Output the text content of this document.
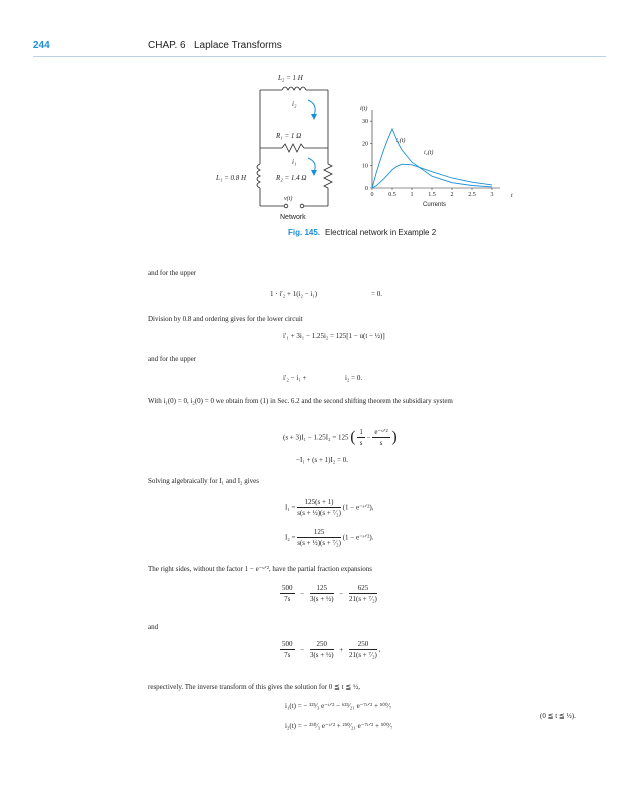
244	CHAP. 6 Laplace Transforms
L₂ = 1 H
i₂
R₁ = 1 Ω
i₁
L₁ = 0.8 H	R₂ = 1.4 Ω
v(t)
Network
i(t)
t
Currents
i₁(t)
i₂(t)
0 0.5 1 1.5 2 2.5 3
0
10
20
30
Fig. 145. Electrical network in Example 2
and for the upper
1 · i′₂ + 1(i₂ − i₁)	= 0.
Division by 0.8 and ordering gives for the lower circuit
i′₁ + 3i₁ − 1.25i₂ = 125[1 − u(t − ½)]
and for the upper
i′₂ − i₁ +	i₂ = 0.
With i₁(0) = 0, i₂(0) = 0 we obtain from (1) in Sec. 6.2 and the second shifting theorem the subsidiary system
(s + 3)I₁ − 1.25I₂ = 125 ( $\frac{1}{s} - \frac{\text{e⁻ˢᐟ²}}{s}$ )
−I₁ + (s + 1)I₂ = 0.
Solving algebraically for I₁ and I₂ gives
$I_1 = \frac{125(s + 1)}{\text{s(s + ½)(s + ⁷⁄₂)}} (1$ − e⁻ˢᐟ²),
$I_2 = \frac{125}{\text{s(s + ½)(s + ⁷⁄₂)}} (1$ − e⁻ˢᐟ²).
The right sides, without the factor 1 − e⁻ˢᐟ², have the partial fraction expansions
$\frac{500}{7s} - \frac{125}{\text{3(s + ½)}} - \frac{625}{\text{21(s + ⁷⁄₂)}}$
and
$\frac{500}{7s} - \frac{250}{\text{3(s + ½)}} + \frac{250}{\text{21(s + ⁷⁄₂)}}$ ,
respectively. The inverse transform of this gives the solution for 0 ≦ t ≦ ½,
i₁(t) = − ¹²⁵⁄₃ e⁻ᵗᐟ² − ⁶²⁵⁄₂₁ e⁻⁷ᵗᐟ² + ⁵⁰⁰⁄₇
i₂(t) = − ²⁵⁰⁄₃ e⁻ᵗᐟ² + ²⁵⁰⁄₂₁ e⁻⁷ᵗᐟ² + ⁵⁰⁰⁄₇
(0 ≦ t ≦ ½).
